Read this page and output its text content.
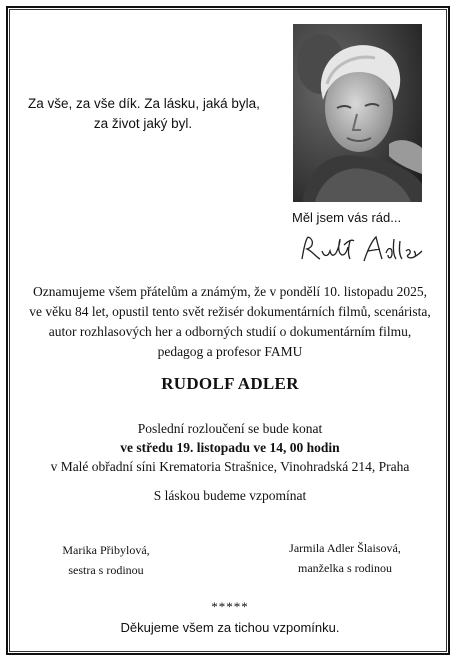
Za vše, za vše dík. Za lásku, jaká byla,
za život jaký byl.
Měl jsem vás rád...
Oznamujeme všem přátelům a známým, že v pondělí 10. listopadu 2025,
ve věku 84 let, opustil tento svět režisér dokumentárních filmů, scenárista,
autor rozhlasových her a odborných studií o dokumentárním filmu,
pedagog a profesor FAMU
RUDOLF ADLER
Poslední rozloučení se bude konat
ve středu 19. listopadu ve 14, 00 hodin
v Malé obřadní síni Krematoria Strašnice, Vinohradská 214, Praha
S láskou budeme vzpomínat
Marika Přibylová,
sestra s rodinou
Jarmila Adler Šlaisová,
manželka s rodinou
*****
Děkujeme všem za tichou vzpomínku.
